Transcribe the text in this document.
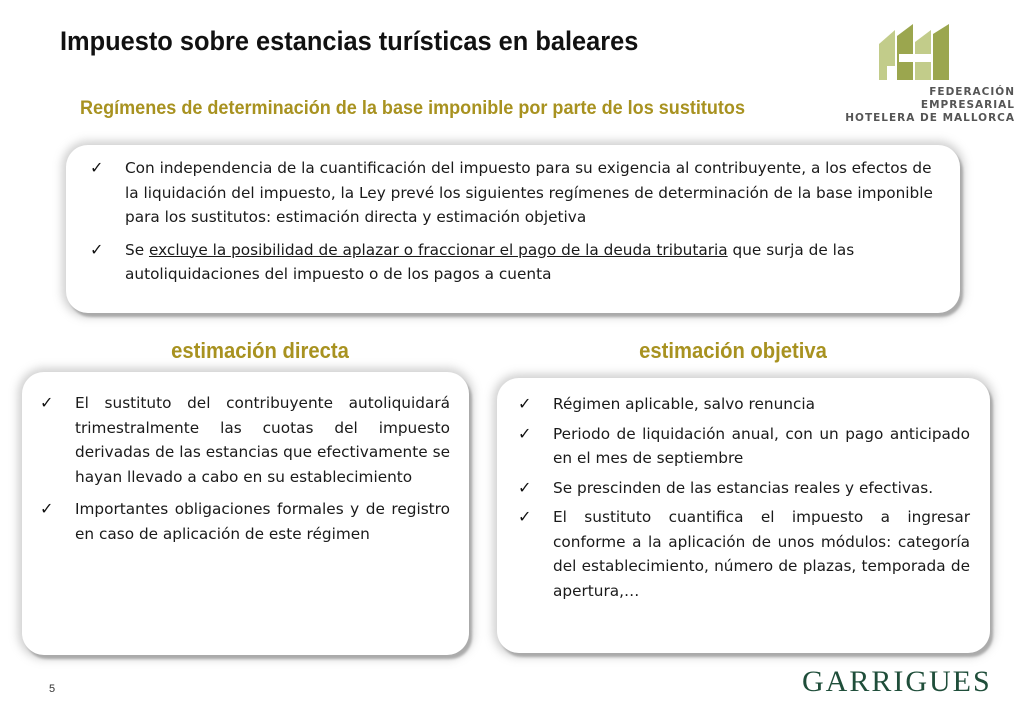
Impuesto sobre estancias turísticas en baleares
FEDERACIÓN EMPRESARIAL
HOTELERA DE MALLORCA
Regímenes de determinación de la base imponible por parte de los sustitutos
✓ Con independencia de la cuantificación del impuesto para su exigencia al contribuyente, a los efectos de la liquidación del impuesto, la Ley prevé los siguientes regímenes de determinación de la base imponible para los sustitutos: estimación directa y estimación objetiva
✓ Se excluye la posibilidad de aplazar o fraccionar el pago de la deuda tributaria que surja de las autoliquidaciones del impuesto o de los pagos a cuenta
estimación directa	estimación objetiva
✓ El sustituto del contribuyente autoliquidará trimestralmente las cuotas del impuesto derivadas de las estancias que efectivamente se hayan llevado a cabo en su establecimiento
✓ Importantes obligaciones formales y de registro en caso de aplicación de este régimen
✓ Régimen aplicable, salvo renuncia
✓ Periodo de liquidación anual, con un pago anticipado en el mes de septiembre
✓ Se prescinden de las estancias reales y efectivas.
✓ El sustituto cuantifica el impuesto a ingresar conforme a la aplicación de unos módulos: categoría del establecimiento, número de plazas, temporada de apertura,…
5	GARRIGUES
